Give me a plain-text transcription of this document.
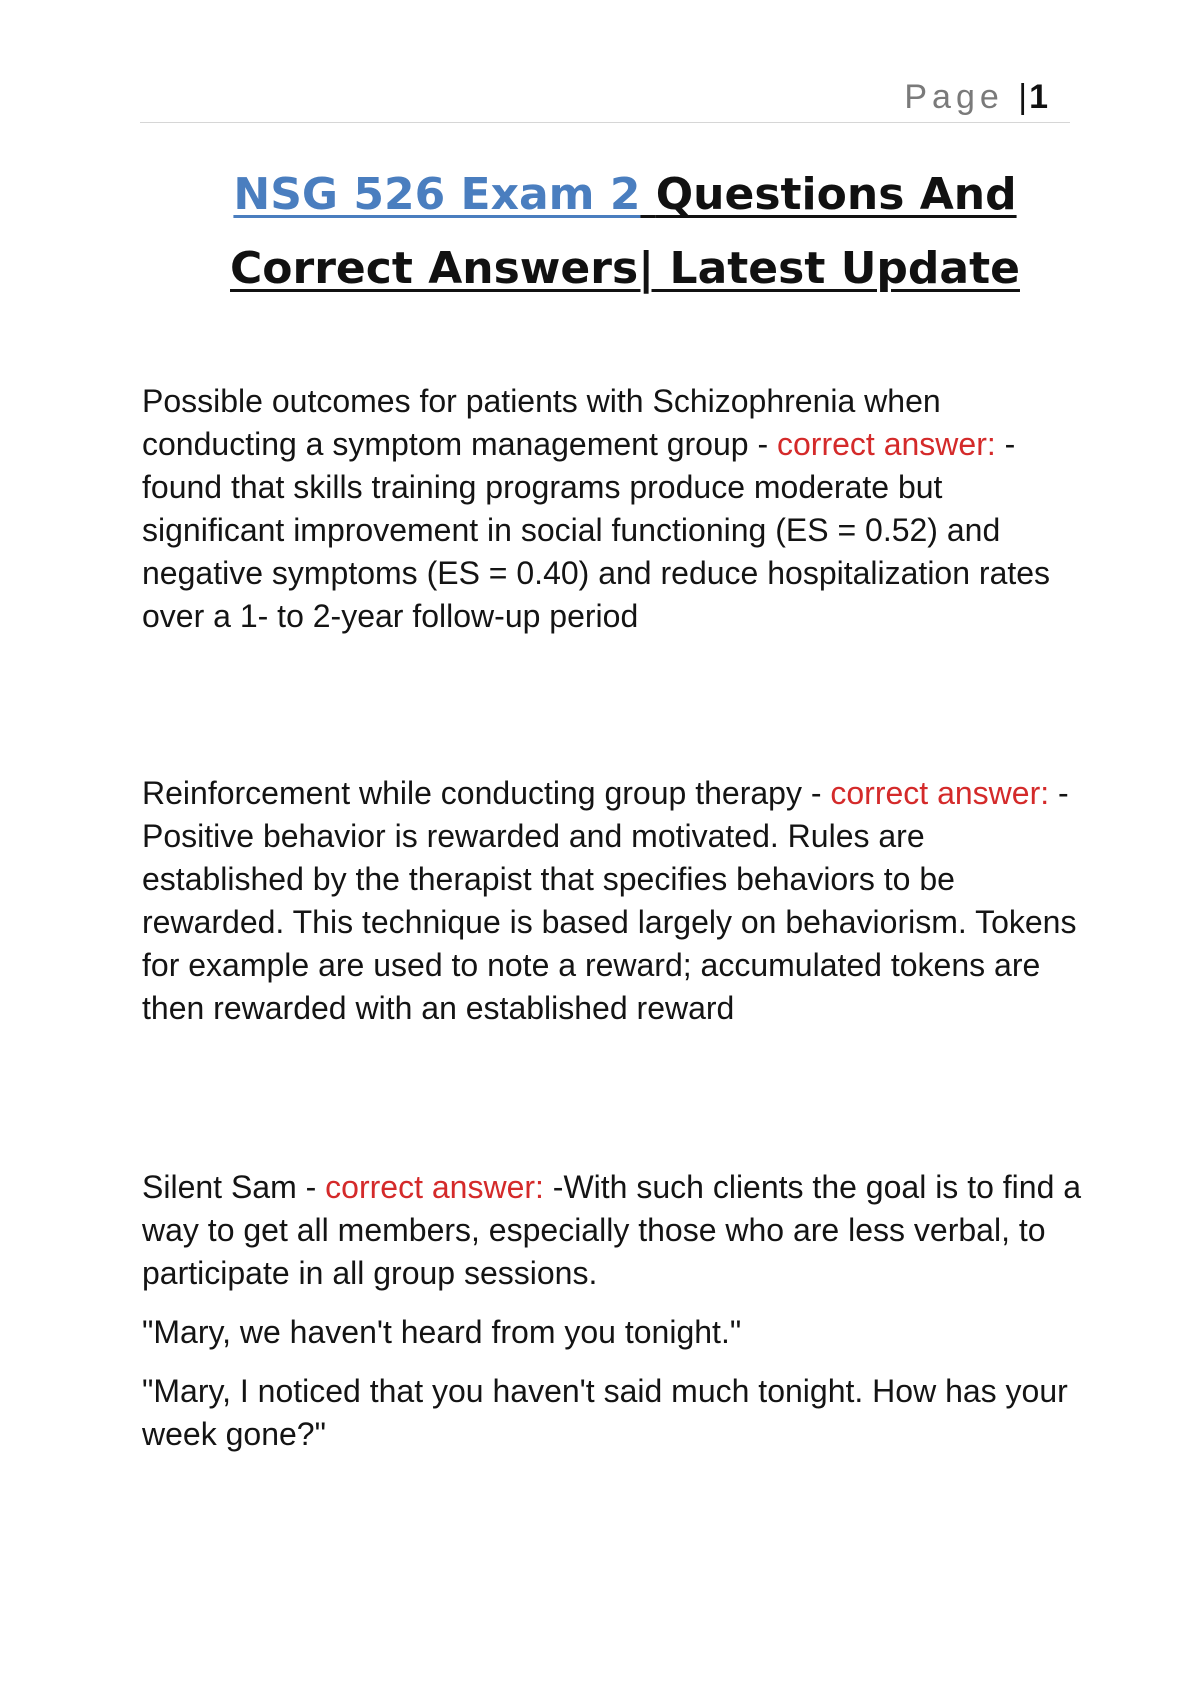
Page |1
NSG 526 Exam 2 Questions And
Correct Answers| Latest Update

Possible outcomes for patients with Schizophrenia when conducting a symptom management group - correct answer: -found that skills training programs produce moderate but significant improvement in social functioning (ES = 0.52) and negative symptoms (ES = 0.40) and reduce hospitalization rates over a 1- to 2-year follow-up period

Reinforcement while conducting group therapy - correct answer: -Positive behavior is rewarded and motivated. Rules are established by the therapist that specifies behaviors to be rewarded. This technique is based largely on behaviorism. Tokens for example are used to note a reward; accumulated tokens are then rewarded with an established reward

Silent Sam - correct answer: -With such clients the goal is to find a way to get all members, especially those who are less verbal, to participate in all group sessions.

"Mary, we haven't heard from you tonight."

"Mary, I noticed that you haven't said much tonight. How has your week gone?"
